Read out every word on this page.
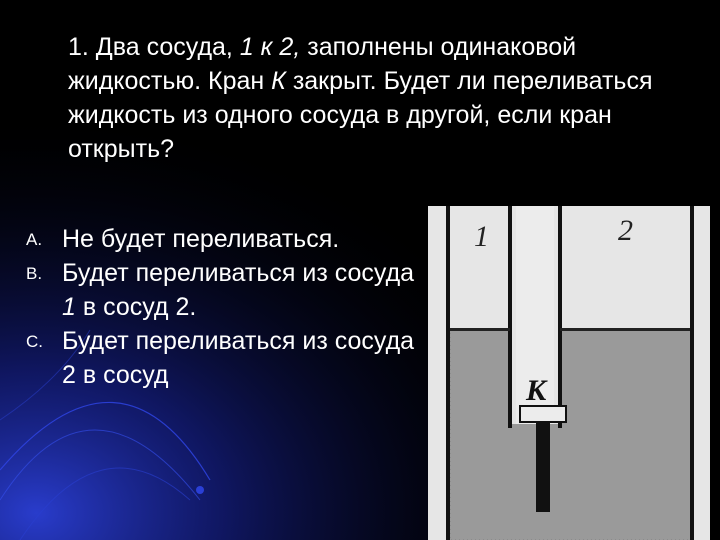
1. Два сосуда, 1 к 2, заполнены одинаковой жидкостью. Кран К закрыт. Будет ли переливаться жидкость из одного сосуда в другой, если кран открыть?
A. Не будет переливаться.
B. Будет переливаться из сосуда 1 в сосуд 2.
C. Будет переливаться из сосуда 2 в сосуд
1	2
К
